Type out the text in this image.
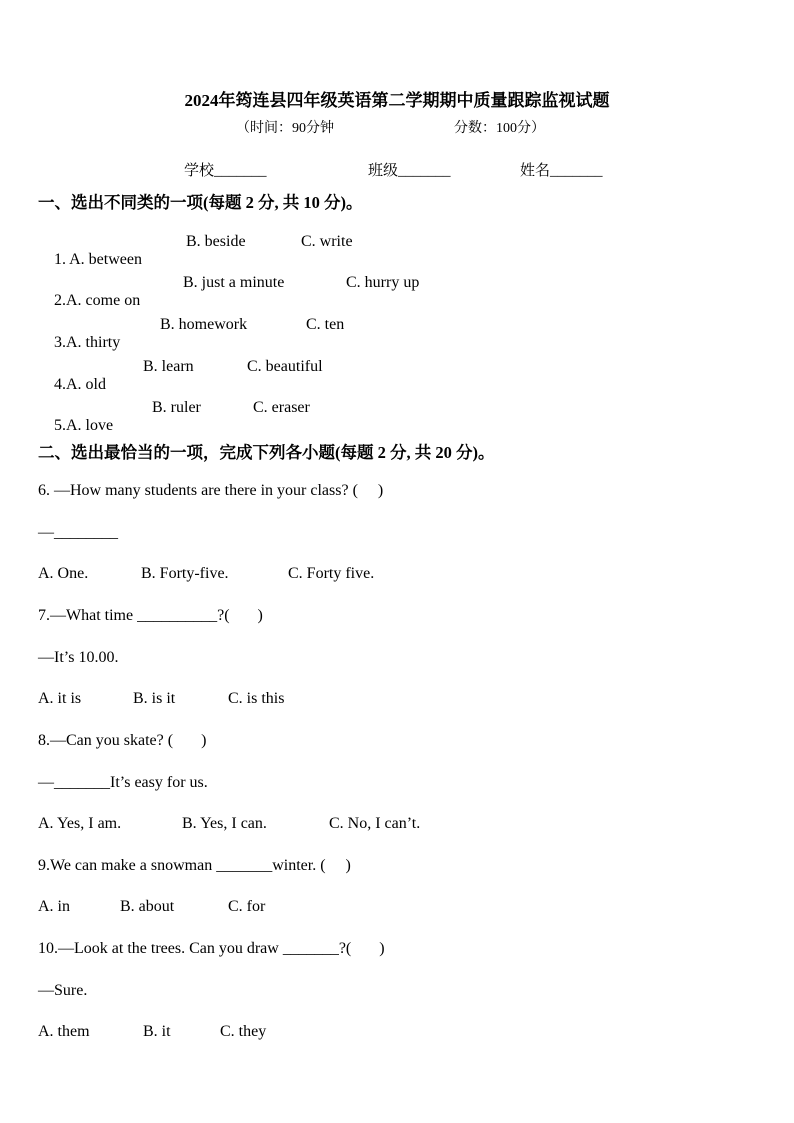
2024年筠连县四年级英语第二学期期中质量跟踪监视试题
（时间：90分钟	分数：100分）
学校_______	班级_______	姓名_______
一、选出不同类的一项(每题 2 分, 共 10 分)。

1. A. between

B. beside	C. write

2.A. come on

B. just a minute	C. hurry up

3.A. thirty

B. homework	C. ten

4.A. old

B. learn	C. beautiful

5.A. love

B. ruler	C. eraser
二、选出最恰当的一项，完成下列各小题(每题 2 分, 共 20 分)。
6. —How many students are there in your class? (     )
—________
A. One.	B. Forty-five.	C. Forty five.
7.—What time __________?(       )
—It’s 10.00.
A. it is	B. is it	C. is this
8.—Can you skate? (       )
—_______It’s easy for us.
A. Yes, I am.	B. Yes, I can.	C. No, I can’t.
9.We can make a snowman _______winter. (     )
A. in	B. about	C. for
10.—Look at the trees. Can you draw _______?(       )
—Sure.
A. them	B. it	C. they
